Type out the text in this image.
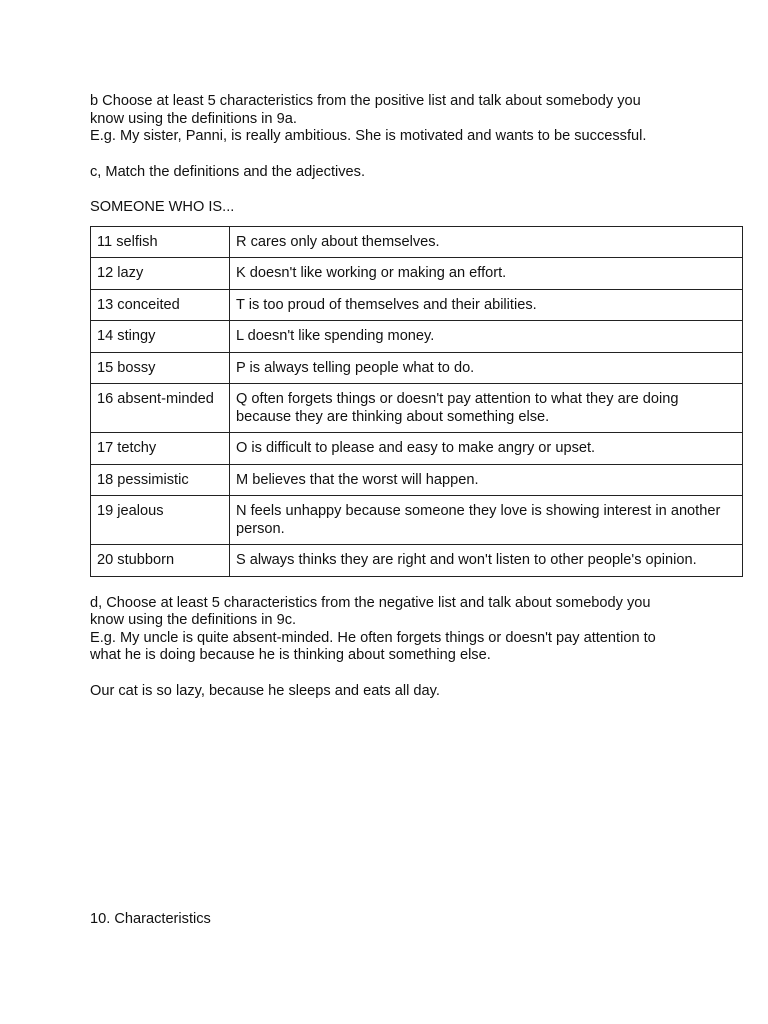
b Choose at least 5 characteristics from the positive list and talk about somebody you
know using the definitions in 9a.
E.g. My sister, Panni, is really ambitious. She is motivated and wants to be successful.

c, Match the definitions and the adjectives.

SOMEONE WHO IS...

11 selfish	R cares only about themselves.
12 lazy	K doesn't like working or making an effort.
13 conceited	T is too proud of themselves and their abilities.
14 stingy	L doesn't like spending money.
15 bossy	P is always telling people what to do.
16 absent-minded	Q often forgets things or doesn't pay attention to what they are doing because they are thinking about something else.
17 tetchy	O is difficult to please and easy to make angry or upset.
18 pessimistic	M believes that the worst will happen.
19 jealous	N feels unhappy because someone they love is showing interest in another person.
20 stubborn	S always thinks they are right and won't listen to other people's opinion.

d, Choose at least 5 characteristics from the negative list and talk about somebody you
know using the definitions in 9c.
E.g. My uncle is quite absent-minded. He often forgets things or doesn't pay attention to
what he is doing because he is thinking about something else.

Our cat is so lazy, because he sleeps and eats all day.

10. Characteristics
